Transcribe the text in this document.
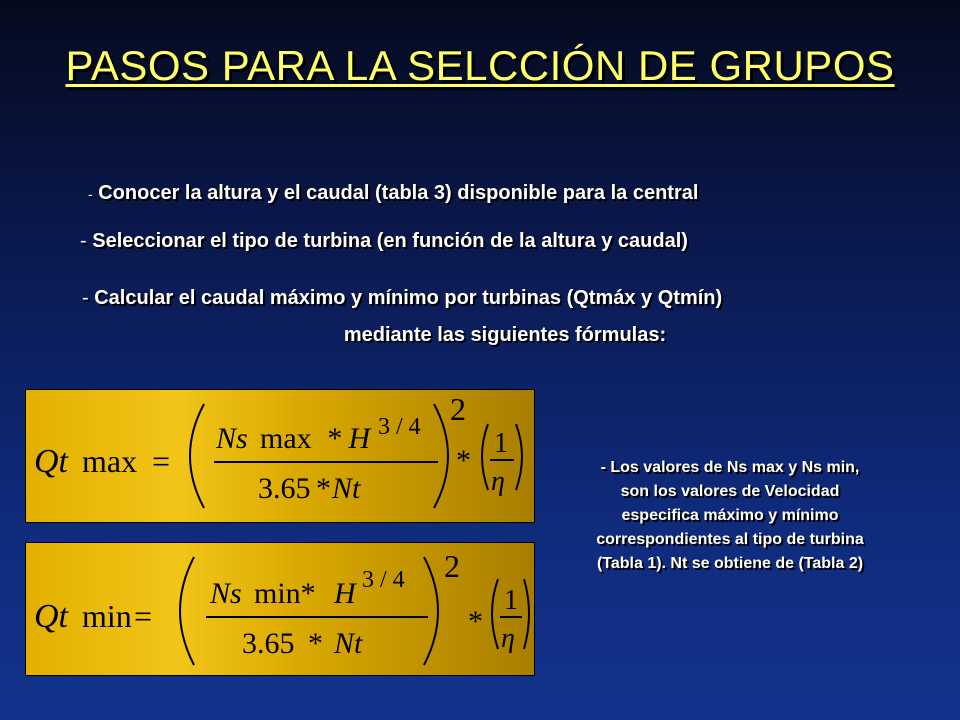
PASOS PARA LA SELCCIÓN DE GRUPOS
- Conocer la altura y el caudal (tabla 3) disponible para la central
- Seleccionar el tipo de turbina (en función de la altura y caudal)
- Calcular el caudal máximo y mínimo por turbinas (Qtmáx y Qtmín)
mediante las siguientes fórmulas:
Qt max =
Ns max * H 3 / 4
3.65 * Nt
2
*
1
η
Qt min =
Ns min* H 3 / 4
3.65 * Nt
2
*
1
η
- Los valores de Ns max y Ns min,
son los valores de Velocidad
especifica máximo y mínimo
correspondientes al tipo de turbina
(Tabla 1). Nt se obtiene de (Tabla 2)
